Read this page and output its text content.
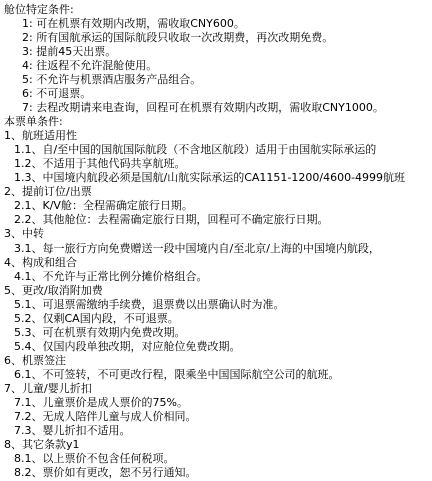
舱位特定条件:
1: 可在机票有效期内改期，需收取CNY600。
2: 所有国航承运的国际航段只收取一次改期费，再次改期免费。
3: 提前45天出票。
4: 往返程不允许混舱使用。
5: 不允许与机票酒店服务产品组合。
6: 不可退票。
7: 去程改期请来电查询，回程可在机票有效期内改期，需收取CNY1000。
本票单条件:
1、航班适用性
1.1、自/至中国的国航国际航段（不含地区航段）适用于由国航实际承运的
1.2、不适用于其他代码共享航班。
1.3、中国境内航段必须是国航/山航实际承运的CA1151-1200/4600-4999航班
2、提前订位/出票
2.1、K/V舱：全程需确定旅行日期。
2.2、其他舱位：去程需确定旅行日期，回程可不确定旅行日期。
3、中转
3.1、每一旅行方向免费赠送一段中国境内自/至北京/上海的中国境内航段，
4、构成和组合
4.1、不允许与正常比例分摊价格组合。
5、更改/取消附加费
5.1、可退票需缴纳手续费，退票费以出票确认时为准。
5.2、仅剩CA国内段，不可退票。
5.3、可在机票有效期内免费改期。
5.4、仅国内段单独改期，对应舱位免费改期。
6、机票签注
6.1、不可签转，不可更改行程，限乘坐中国国际航空公司的航班。
7、儿童/婴儿折扣
7.1、儿童票价是成人票价的75%。
7.2、无成人陪伴儿童与成人价相同。
7.3、婴儿折扣不适用。
8、其它条款y1
8.1、以上票价不包含任何税项。
8.2、票价如有更改，恕不另行通知。
